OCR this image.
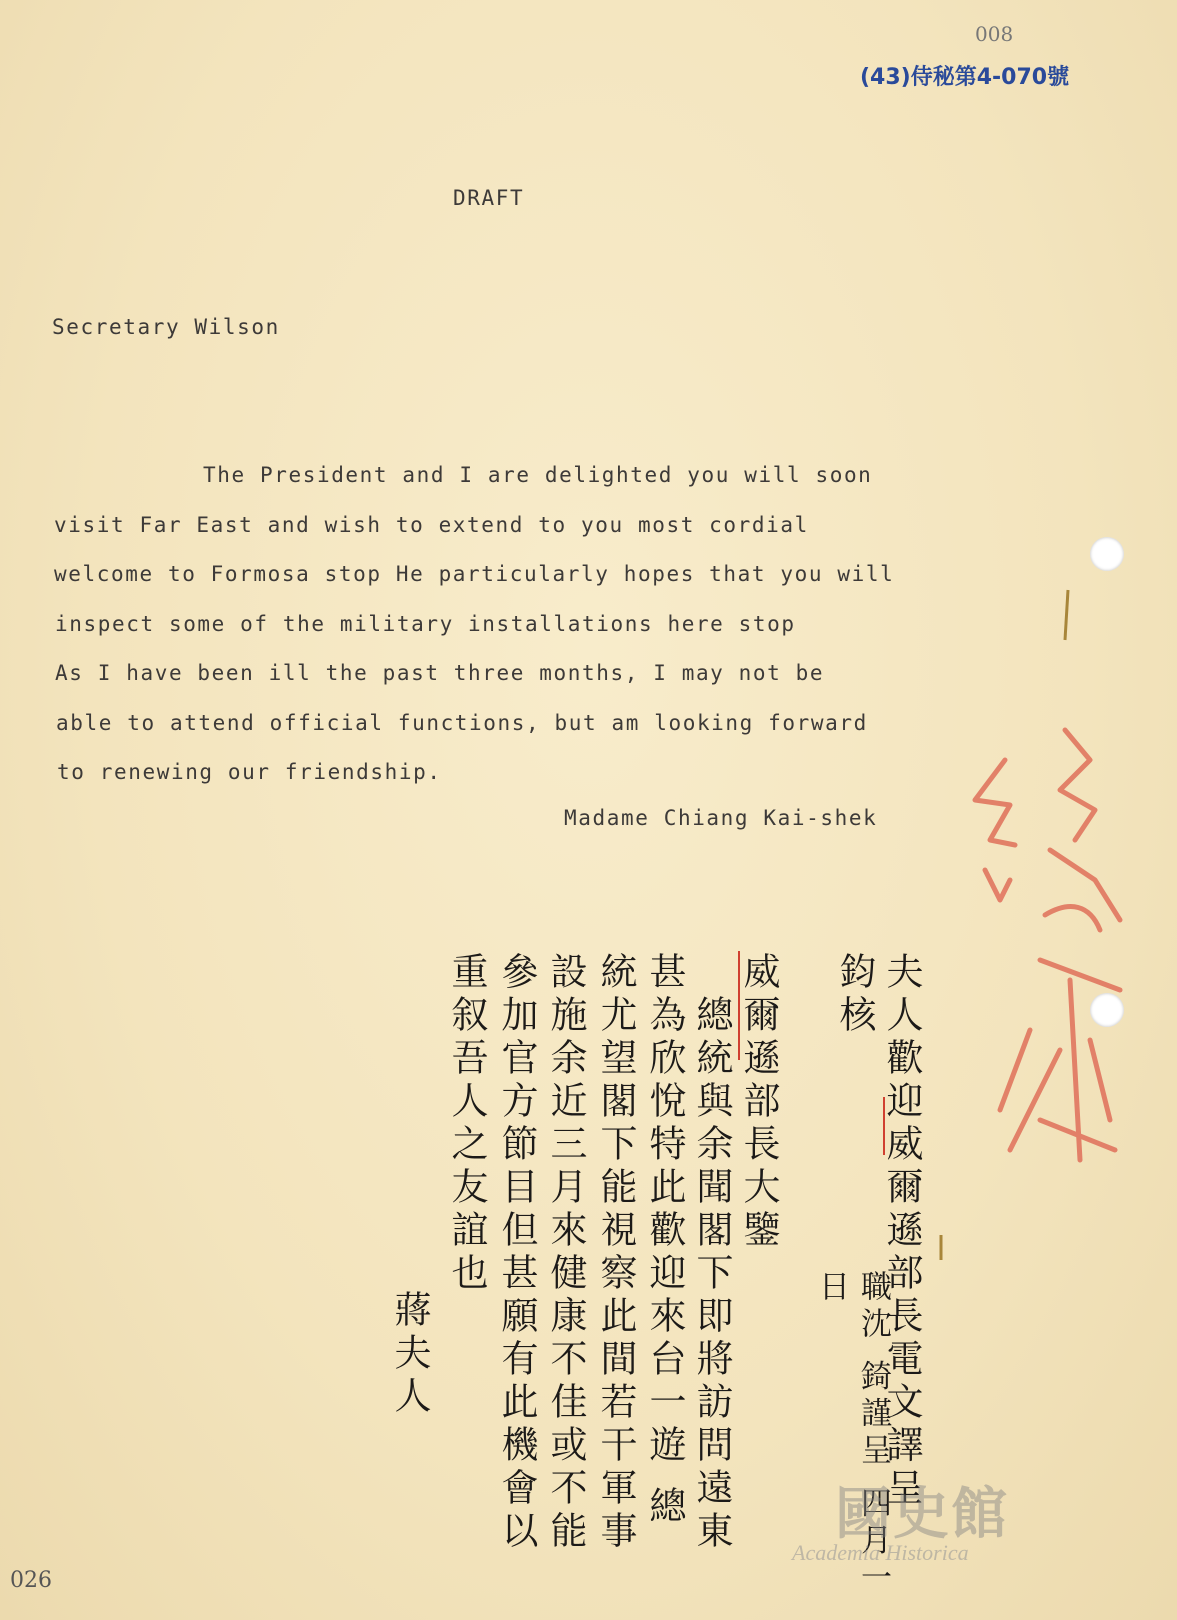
008
(43)侍秘第4-070號
DRAFT
Secretary Wilson
The President and I are delighted you will soon
visit Far East and wish to extend to you most cordial
welcome to Formosa stop He particularly hopes that you will
inspect some of the military installations here stop
As I have been ill the past three months, I may not be
able to attend official functions, but am looking forward
to renewing our friendship.
Madame Chiang Kai-shek
夫人歡迎威爾遜部長電文譯呈
鈞核
職沈 錡謹呈 四月一日
威爾遜部長大鑒
總統與余聞閣下即將訪問遠東
甚為欣悅特此歡迎來台一遊 總
統尤望閣下能視察此間若干軍事
設施余近三月來健康不佳或不能
參加官方節目但甚願有此機會以
重叙吾人之友誼也
蔣夫人
國史館
Academia Historica
026
